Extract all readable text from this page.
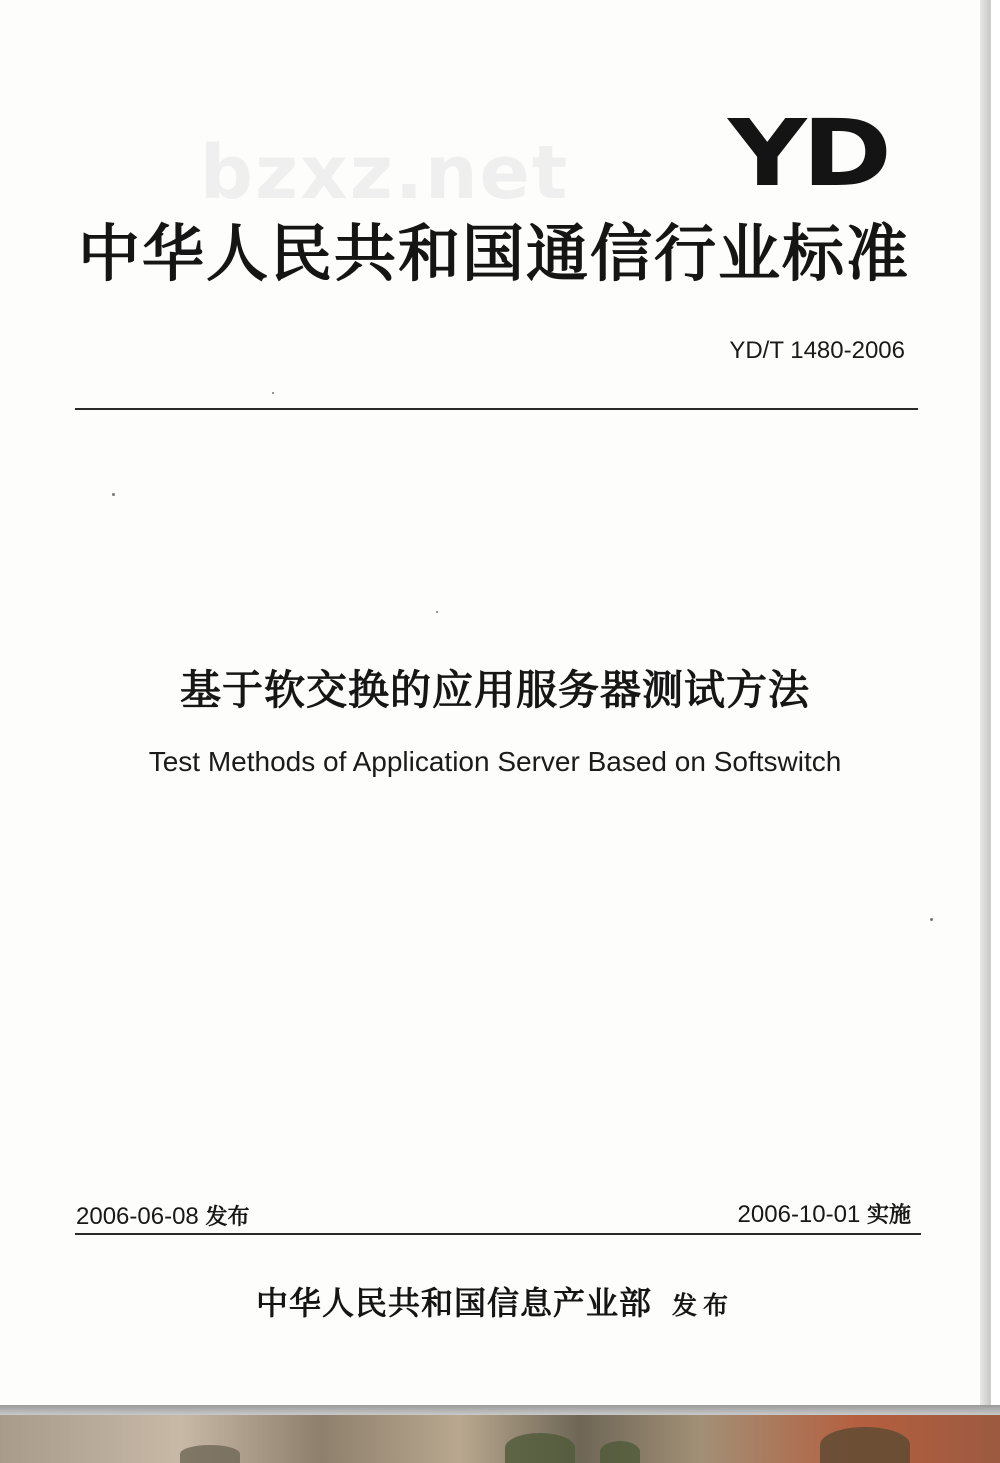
bzxz.net YD
中华人民共和国通信行业标准
YD/T 1480-2006
基于软交换的应用服务器测试方法
Test Methods of Application Server Based on Softswitch
2006-06-08 发布	2006-10-01 实施
中华人民共和国信息产业部 发布
